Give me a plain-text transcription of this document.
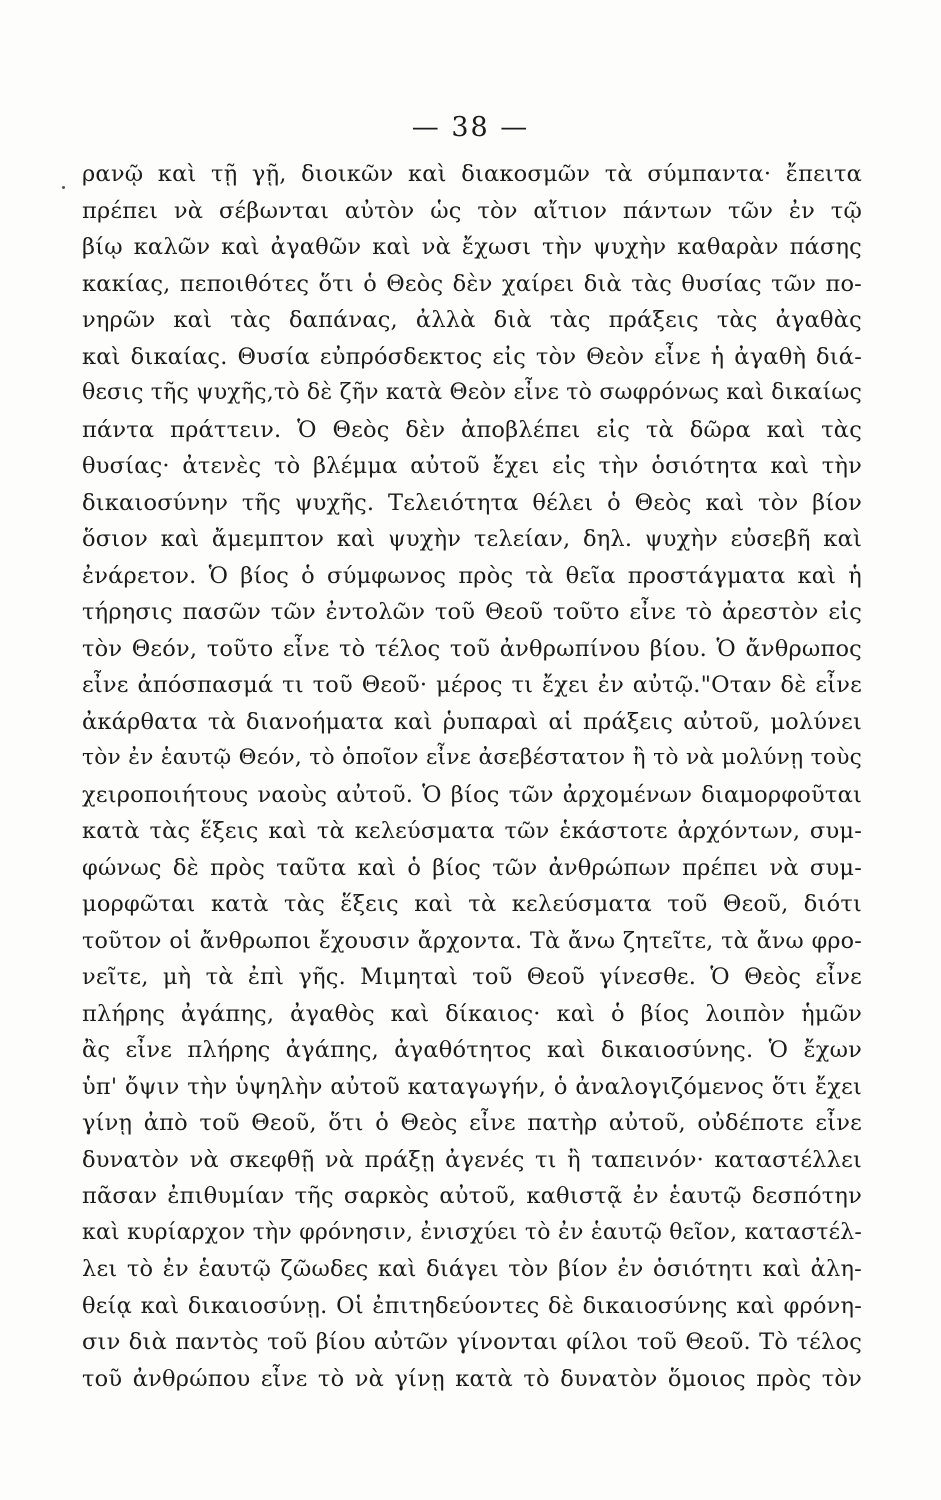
— 38 —
ρανῷ καὶ τῇ γῇ, διοικῶν καὶ διακοσμῶν τὰ σύμπαντα· ἔπειτα
πρέπει νὰ σέβωνται αὐτὸν ὡς τὸν αἴτιον πάντων τῶν ἐν τῷ
βίῳ καλῶν καὶ ἀγαθῶν καὶ νὰ ἔχωσι τὴν ψυχὴν καθαρὰν πάσης
κακίας, πεποιθότες ὅτι ὁ Θεὸς δὲν χαίρει διὰ τὰς θυσίας τῶν πο-
νηρῶν καὶ τὰς δαπάνας, ἀλλὰ διὰ τὰς πράξεις τὰς ἀγαθὰς
καὶ δικαίας. Θυσία εὐπρόσδεκτος εἰς τὸν Θεὸν εἶνε ἡ ἀγαθὴ διά-
θεσις τῆς ψυχῆς,τὸ δὲ ζῆν κατὰ Θεὸν εἶνε τὸ σωφρόνως καὶ δικαίως
πάντα πράττειν. Ὁ Θεὸς δὲν ἀποβλέπει εἰς τὰ δῶρα καὶ τὰς
θυσίας· ἀτενὲς τὸ βλέμμα αὐτοῦ ἔχει εἰς τὴν ὁσιότητα καὶ τὴν
δικαιοσύνην τῆς ψυχῆς. Τελειότητα θέλει ὁ Θεὸς καὶ τὸν βίον
ὅσιον καὶ ἄμεμπτον καὶ ψυχὴν τελείαν, δηλ. ψυχὴν εὐσεβῆ καὶ
ἐνάρετον. Ὁ βίος ὁ σύμφωνος πρὸς τὰ θεῖα προστάγματα καὶ ἡ
τήρησις πασῶν τῶν ἐντολῶν τοῦ Θεοῦ τοῦτο εἶνε τὸ ἀρεστὸν εἰς
τὸν Θεόν, τοῦτο εἶνε τὸ τέλος τοῦ ἀνθρωπίνου βίου. Ὁ ἄνθρωπος
εἶνε ἀπόσπασμά τι τοῦ Θεοῦ· μέρος τι ἔχει ἐν αὐτῷ."Οταν δὲ εἶνε
ἀκάρθατα τὰ διανοήματα καὶ ῥυπαραὶ αἱ πράξεις αὐτοῦ, μολύνει
τὸν ἐν ἑαυτῷ Θεόν, τὸ ὁποῖον εἶνε ἀσεβέστατον ἢ τὸ νὰ μολύνῃ τοὺς
χειροποιήτους ναοὺς αὐτοῦ. Ὁ βίος τῶν ἀρχομένων διαμορφοῦται
κατὰ τὰς ἕξεις καὶ τὰ κελεύσματα τῶν ἑκάστοτε ἀρχόντων, συμ-
φώνως δὲ πρὸς ταῦτα καὶ ὁ βίος τῶν ἀνθρώπων πρέπει νὰ συμ-
μορφῶται κατὰ τὰς ἕξεις καὶ τὰ κελεύσματα τοῦ Θεοῦ, διότι
τοῦτον οἱ ἄνθρωποι ἔχουσιν ἄρχοντα. Τὰ ἄνω ζητεῖτε, τὰ ἄνω φρο-
νεῖτε, μὴ τὰ ἐπὶ γῆς. Μιμηταὶ τοῦ Θεοῦ γίνεσθε. Ὁ Θεὸς εἶνε
πλήρης ἀγάπης, ἀγαθὸς καὶ δίκαιος· καὶ ὁ βίος λοιπὸν ἡμῶν
ἂς εἶνε πλήρης ἀγάπης, ἀγαθότητος καὶ δικαιοσύνης. Ὁ ἔχων
ὑπ' ὄψιν τὴν ὑψηλὴν αὐτοῦ καταγωγήν, ὁ ἀναλογιζόμενος ὅτι ἔχει
γίνῃ ἀπὸ τοῦ Θεοῦ, ὅτι ὁ Θεὸς εἶνε πατὴρ αὐτοῦ, οὐδέποτε εἶνε
δυνατὸν νὰ σκεφθῇ νὰ πράξῃ ἀγενές τι ἢ ταπεινόν· καταστέλλει
πᾶσαν ἐπιθυμίαν τῆς σαρκὸς αὐτοῦ, καθιστᾷ ἐν ἑαυτῷ δεσπότην
καὶ κυρίαρχον τὴν φρόνησιν, ἐνισχύει τὸ ἐν ἑαυτῷ θεῖον, καταστέλ-
λει τὸ ἐν ἑαυτῷ ζῶωδες καὶ διάγει τὸν βίον ἐν ὁσιότητι καὶ ἀλη-
θείᾳ καὶ δικαιοσύνῃ. Οἱ ἐπιτηδεύοντες δὲ δικαιοσύνης καὶ φρόνη-
σιν διὰ παντὸς τοῦ βίου αὐτῶν γίνονται φίλοι τοῦ Θεοῦ. Τὸ τέλος
τοῦ ἀνθρώπου εἶνε τὸ νὰ γίνῃ κατὰ τὸ δυνατὸν ὅμοιος πρὸς τὸν
